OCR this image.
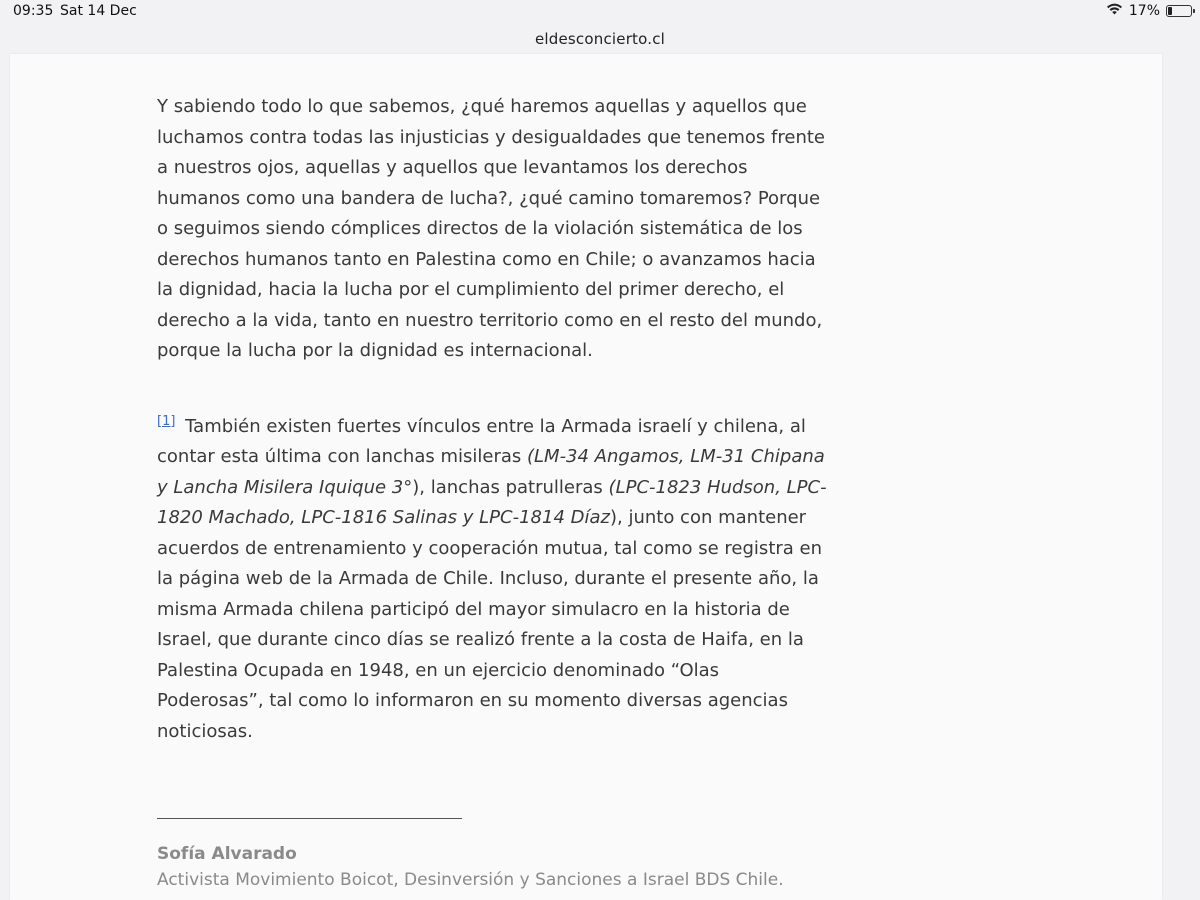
09:35 Sat 14 Dec	17%
eldesconcierto.cl

Y sabiendo todo lo que sabemos, ¿qué haremos aquellas y aquellos que luchamos contra todas las injusticias y desigualdades que tenemos frente a nuestros ojos, aquellas y aquellos que levantamos los derechos humanos como una bandera de lucha?, ¿qué camino tomaremos? Porque o seguimos siendo cómplices directos de la violación sistemática de los derechos humanos tanto en Palestina como en Chile; o avanzamos hacia la dignidad, hacia la lucha por el cumplimiento del primer derecho, el derecho a la vida, tanto en nuestro territorio como en el resto del mundo, porque la lucha por la dignidad es internacional.

[1] También existen fuertes vínculos entre la Armada israelí y chilena, al contar esta última con lanchas misileras (LM-34 Angamos, LM-31 Chipana y Lancha Misilera Iquique 3°), lanchas patrulleras (LPC-1823 Hudson, LPC-1820 Machado, LPC-1816 Salinas y LPC-1814 Díaz), junto con mantener acuerdos de entrenamiento y cooperación mutua, tal como se registra en la página web de la Armada de Chile. Incluso, durante el presente año, la misma Armada chilena participó del mayor simulacro en la historia de Israel, que durante cinco días se realizó frente a la costa de Haifa, en la Palestina Ocupada en 1948, en un ejercicio denominado “Olas Poderosas”, tal como lo informaron en su momento diversas agencias noticiosas.

Sofía Alvarado
Activista Movimiento Boicot, Desinversión y Sanciones a Israel BDS Chile.
